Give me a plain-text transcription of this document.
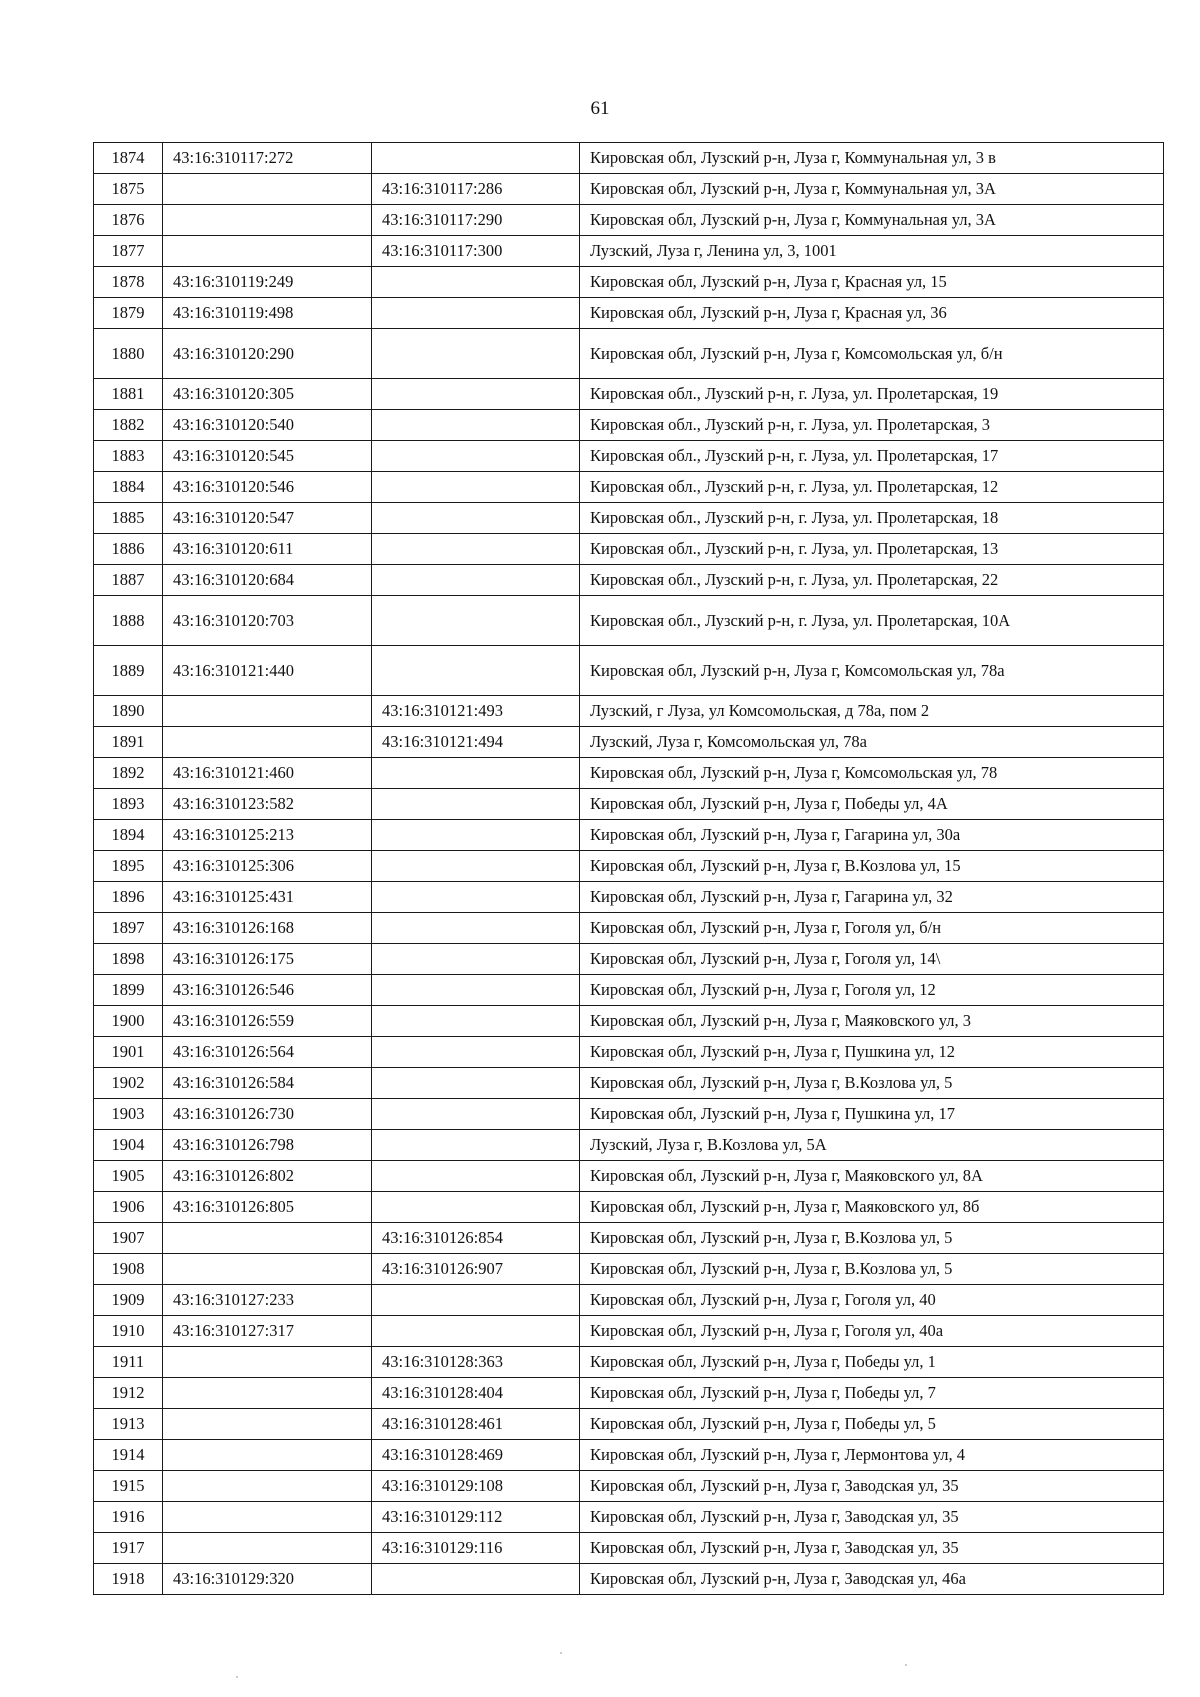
61
1874	43:16:310117:272		Кировская обл, Лузский р-н, Луза г, Коммунальная ул, 3 в
1875		43:16:310117:286	Кировская обл, Лузский р-н, Луза г, Коммунальная ул, 3А
1876		43:16:310117:290	Кировская обл, Лузский р-н, Луза г, Коммунальная ул, 3А
1877		43:16:310117:300	Лузский, Луза г, Ленина ул, 3, 1001
1878	43:16:310119:249		Кировская обл, Лузский р-н, Луза г, Красная ул, 15
1879	43:16:310119:498		Кировская обл, Лузский р-н, Луза г, Красная ул, 36
1880	43:16:310120:290		Кировская обл, Лузский р-н, Луза г, Комсомольская ул, б/н
1881	43:16:310120:305		Кировская обл., Лузский р-н, г. Луза, ул. Пролетарская, 19
1882	43:16:310120:540		Кировская обл., Лузский р-н, г. Луза, ул. Пролетарская, 3
1883	43:16:310120:545		Кировская обл., Лузский р-н, г. Луза, ул. Пролетарская, 17
1884	43:16:310120:546		Кировская обл., Лузский р-н, г. Луза, ул. Пролетарская, 12
1885	43:16:310120:547		Кировская обл., Лузский р-н, г. Луза, ул. Пролетарская, 18
1886	43:16:310120:611		Кировская обл., Лузский р-н, г. Луза, ул. Пролетарская, 13
1887	43:16:310120:684		Кировская обл., Лузский р-н, г. Луза, ул. Пролетарская, 22
1888	43:16:310120:703		Кировская обл., Лузский р-н, г. Луза, ул. Пролетарская, 10А
1889	43:16:310121:440		Кировская обл, Лузский р-н, Луза г, Комсомольская ул, 78а
1890		43:16:310121:493	Лузский, г Луза, ул Комсомольская, д 78а, пом 2
1891		43:16:310121:494	Лузский, Луза г, Комсомольская ул, 78а
1892	43:16:310121:460		Кировская обл, Лузский р-н, Луза г, Комсомольская ул, 78
1893	43:16:310123:582		Кировская обл, Лузский р-н, Луза г, Победы ул, 4А
1894	43:16:310125:213		Кировская обл, Лузский р-н, Луза г, Гагарина ул, 30а
1895	43:16:310125:306		Кировская обл, Лузский р-н, Луза г, В.Козлова ул, 15
1896	43:16:310125:431		Кировская обл, Лузский р-н, Луза г, Гагарина ул, 32
1897	43:16:310126:168		Кировская обл, Лузский р-н, Луза г, Гоголя ул, б/н
1898	43:16:310126:175		Кировская обл, Лузский р-н, Луза г, Гоголя ул, 14\
1899	43:16:310126:546		Кировская обл, Лузский р-н, Луза г, Гоголя ул, 12
1900	43:16:310126:559		Кировская обл, Лузский р-н, Луза г, Маяковского ул, 3
1901	43:16:310126:564		Кировская обл, Лузский р-н, Луза г, Пушкина ул, 12
1902	43:16:310126:584		Кировская обл, Лузский р-н, Луза г, В.Козлова ул, 5
1903	43:16:310126:730		Кировская обл, Лузский р-н, Луза г, Пушкина ул, 17
1904	43:16:310126:798		Лузский, Луза г, В.Козлова ул, 5А
1905	43:16:310126:802		Кировская обл, Лузский р-н, Луза г, Маяковского ул, 8А
1906	43:16:310126:805		Кировская обл, Лузский р-н, Луза г, Маяковского ул, 8б
1907		43:16:310126:854	Кировская обл, Лузский р-н, Луза г, В.Козлова ул, 5
1908		43:16:310126:907	Кировская обл, Лузский р-н, Луза г, В.Козлова ул, 5
1909	43:16:310127:233		Кировская обл, Лузский р-н, Луза г, Гоголя ул, 40
1910	43:16:310127:317		Кировская обл, Лузский р-н, Луза г, Гоголя ул, 40а
1911		43:16:310128:363	Кировская обл, Лузский р-н, Луза г, Победы ул, 1
1912		43:16:310128:404	Кировская обл, Лузский р-н, Луза г, Победы ул, 7
1913		43:16:310128:461	Кировская обл, Лузский р-н, Луза г, Победы ул, 5
1914		43:16:310128:469	Кировская обл, Лузский р-н, Луза г, Лермонтова ул, 4
1915		43:16:310129:108	Кировская обл, Лузский р-н, Луза г, Заводская ул, 35
1916		43:16:310129:112	Кировская обл, Лузский р-н, Луза г, Заводская ул, 35
1917		43:16:310129:116	Кировская обл, Лузский р-н, Луза г, Заводская ул, 35
1918	43:16:310129:320		Кировская обл, Лузский р-н, Луза г, Заводская ул, 46а
